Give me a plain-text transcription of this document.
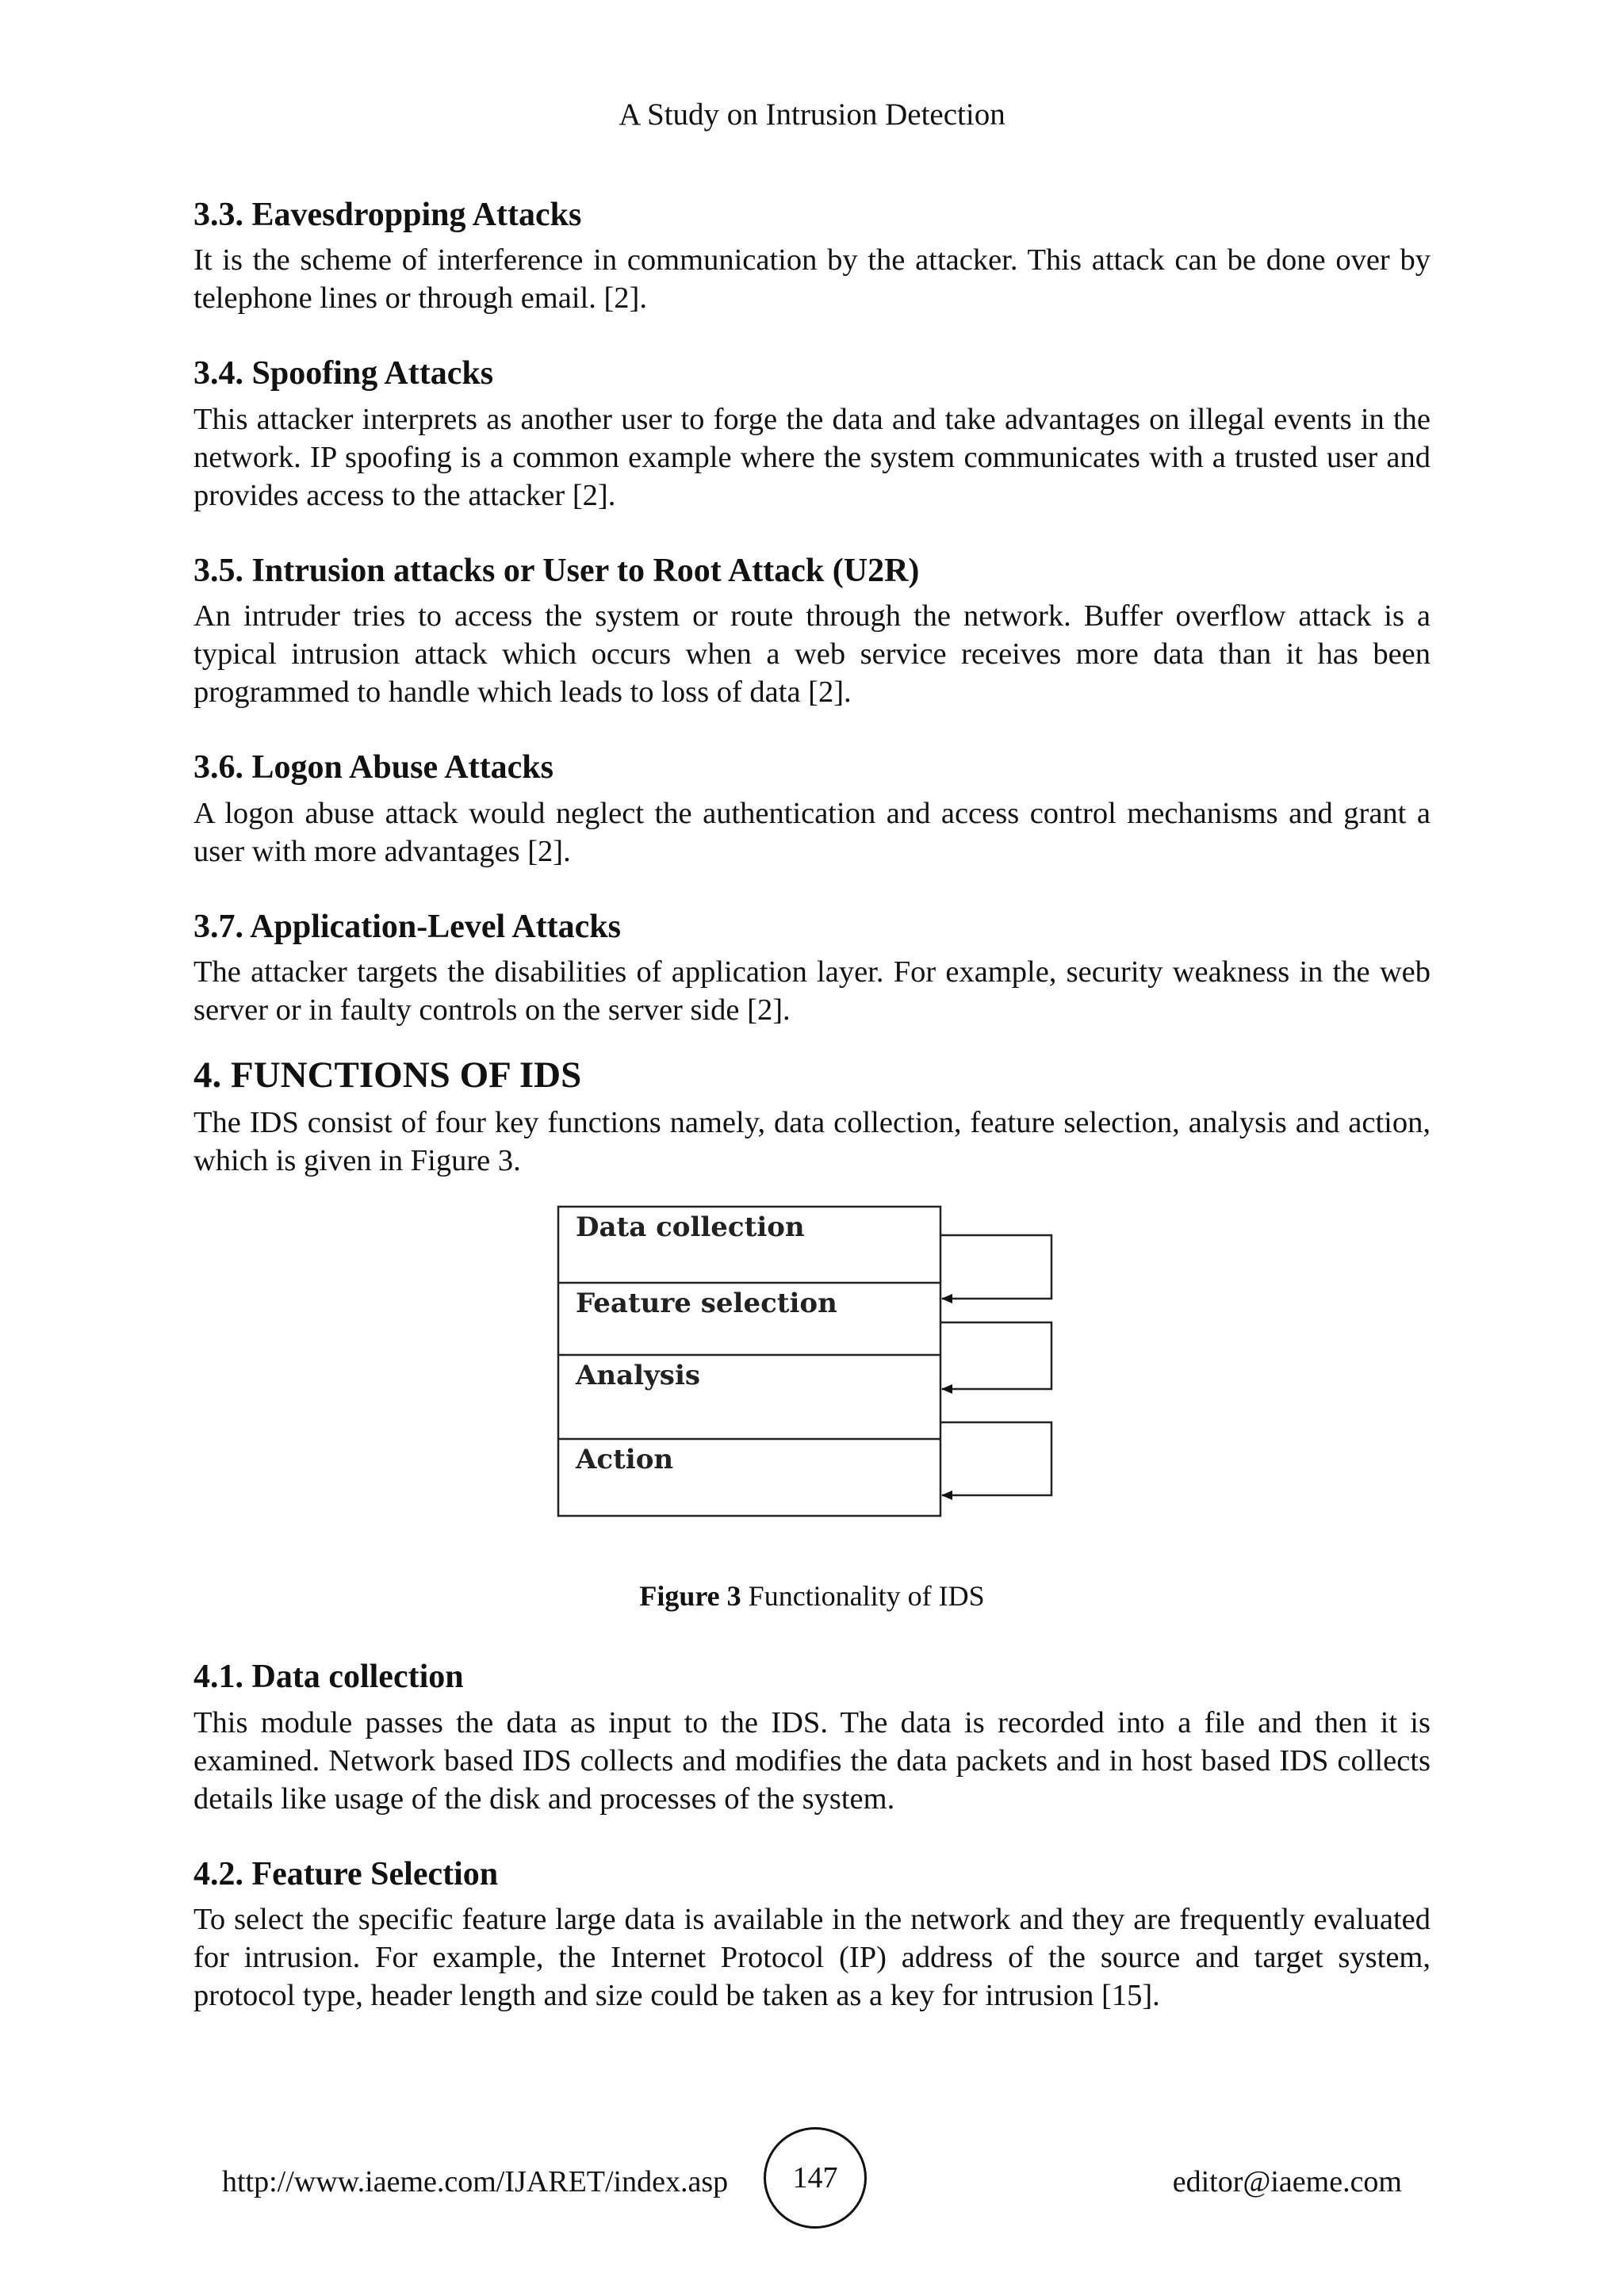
A Study on Intrusion Detection
3.3. Eavesdropping Attacks

It is the scheme of interference in communication by the attacker. This attack can be done over by telephone lines or through email. [2].

3.4. Spoofing Attacks

This attacker interprets as another user to forge the data and take advantages on illegal events in the network. IP spoofing is a common example where the system communicates with a trusted user and provides access to the attacker [2].

3.5. Intrusion attacks or User to Root Attack (U2R)

An intruder tries to access the system or route through the network. Buffer overflow attack is a typical intrusion attack which occurs when a web service receives more data than it has been programmed to handle which leads to loss of data [2].

3.6. Logon Abuse Attacks

A logon abuse attack would neglect the authentication and access control mechanisms and grant a user with more advantages [2].

3.7. Application-Level Attacks

The attacker targets the disabilities of application layer. For example, security weakness in the web server or in faulty controls on the server side [2].

4. FUNCTIONS OF IDS

The IDS consist of four key functions namely, data collection, feature selection, analysis and action, which is given in Figure 3.

Data collection
Feature selection
Analysis
Action
Figure 3 Functionality of IDS
4.1. Data collection

This module passes the data as input to the IDS. The data is recorded into a file and then it is examined. Network based IDS collects and modifies the data packets and in host based IDS collects details like usage of the disk and processes of the system.

4.2. Feature Selection

To select the specific feature large data is available in the network and they are frequently evaluated for intrusion. For example, the Internet Protocol (IP) address of the source and target system, protocol type, header length and size could be taken as a key for intrusion [15].

http://www.iaeme.com/IJARET/index.asp	editor@iaeme.com
147
